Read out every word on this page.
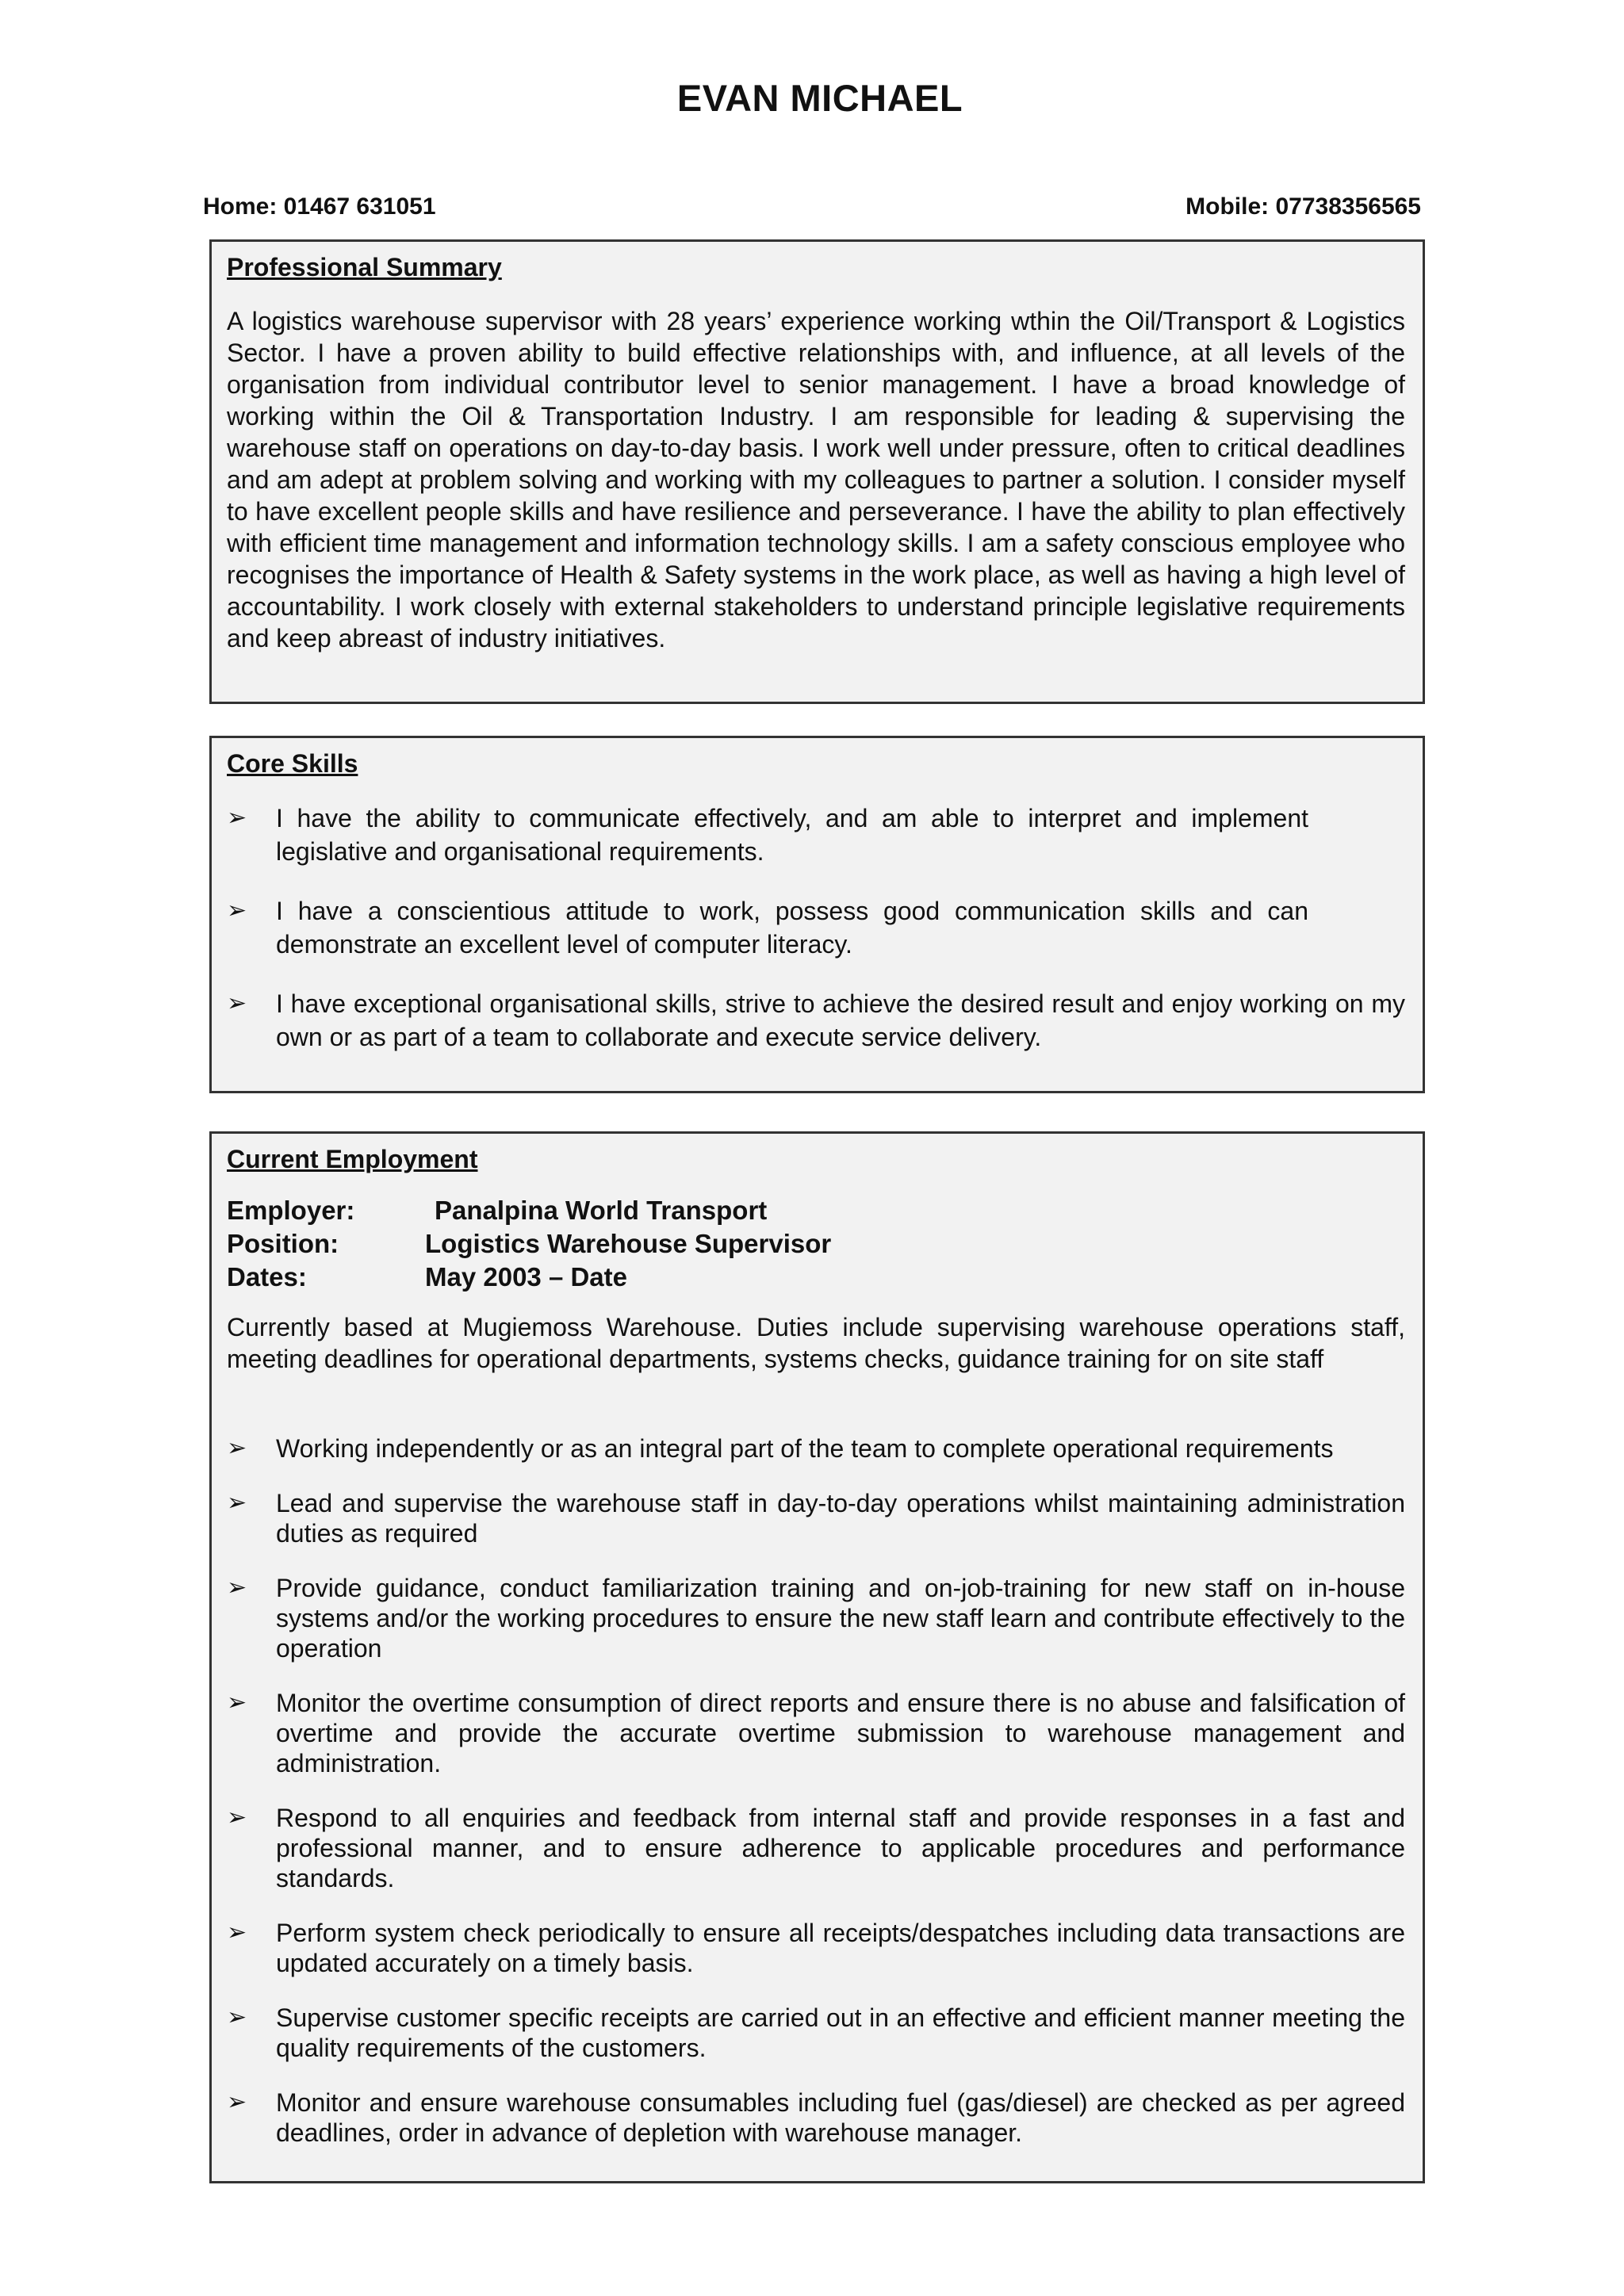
EVAN MICHAEL
Home: 01467 631051	Mobile: 07738356565
Professional Summary

A logistics warehouse supervisor with 28 years’ experience working wthin the Oil/Transport & Logistics Sector. I have a proven ability to build effective relationships with, and influence, at all levels of the organisation from individual contributor level to senior management. I have a broad knowledge of working within the Oil & Transportation Industry. I am responsible for leading & supervising the warehouse staff on operations on day-to-day basis. I work well under pressure, often to critical deadlines and am adept at problem solving and working with my colleagues to partner a solution. I consider myself to have excellent people skills and have resilience and perseverance. I have the ability to plan effectively with efficient time management and information technology skills. I am a safety conscious employee who recognises the importance of Health & Safety systems in the work place, as well as having a high level of accountability. I work closely with external stakeholders to understand principle legislative requirements and keep abreast of industry initiatives.

Core Skills
➢	I have the ability to communicate effectively, and am able to interpret and implement legislative and organisational requirements.
➢	I have a conscientious attitude to work, possess good communication skills and can demonstrate an excellent level of computer literacy.
➢	I have exceptional organisational skills, strive to achieve the desired result and enjoy working on my own or as part of a team to collaborate and execute service delivery.
Current Employment
Employer:	Panalpina World Transport
Position:	Logistics Warehouse Supervisor
Dates:	May 2003 – Date

Currently based at Mugiemoss Warehouse. Duties include supervising warehouse operations staff, meeting deadlines for operational departments, systems checks, guidance training for on site staff

➢	Working independently or as an integral part of the team to complete operational requirements
➢	Lead and supervise the warehouse staff in day-to-day operations whilst maintaining administration duties as required
➢	Provide guidance, conduct familiarization training and on-job-training for new staff on in-house systems and/or the working procedures to ensure the new staff learn and contribute effectively to the operation
➢	Monitor the overtime consumption of direct reports and ensure there is no abuse and falsification of overtime and provide the accurate overtime submission to warehouse management and administration.
➢	Respond to all enquiries and feedback from internal staff and provide responses in a fast and professional manner, and to ensure adherence to applicable procedures and performance standards.
➢	Perform system check periodically to ensure all receipts/despatches including data transactions are updated accurately on a timely basis.
➢	Supervise customer specific receipts are carried out in an effective and efficient manner meeting the quality requirements of the customers.
➢	Monitor and ensure warehouse consumables including fuel (gas/diesel) are checked as per agreed deadlines, order in advance of depletion with warehouse manager.
